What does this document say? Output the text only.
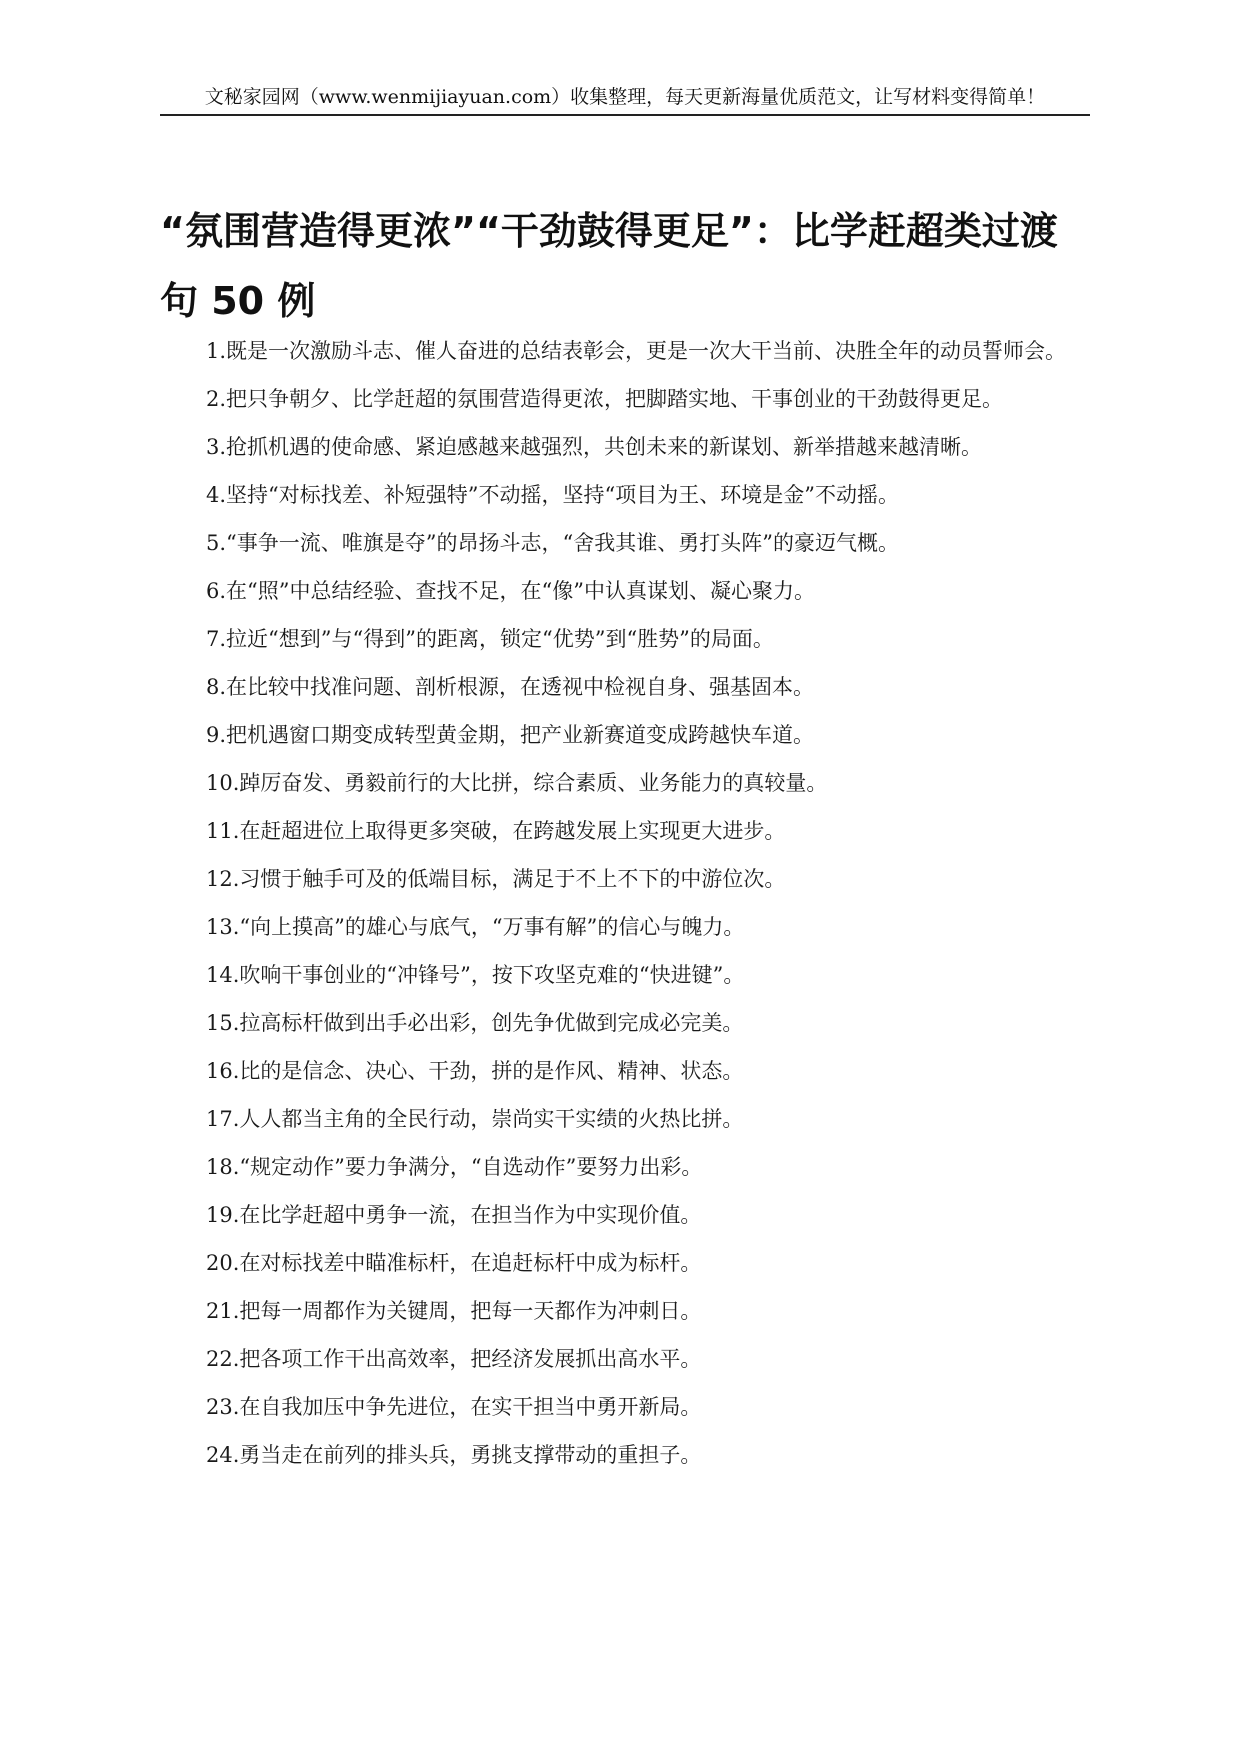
文秘家园网（www.wenmijiayuan.com）收集整理，每天更新海量优质范文，让写材料变得简单！
“氛围营造得更浓”“干劲鼓得更足”：比学赶超类过渡句 50 例
1.既是一次激励斗志、催人奋进的总结表彰会，更是一次大干当前、决胜全年的动员誓师会。
2.把只争朝夕、比学赶超的氛围营造得更浓，把脚踏实地、干事创业的干劲鼓得更足。
3.抢抓机遇的使命感、紧迫感越来越强烈，共创未来的新谋划、新举措越来越清晰。
4.坚持“对标找差、补短强特”不动摇，坚持“项目为王、环境是金”不动摇。
5.“事争一流、唯旗是夺”的昂扬斗志，“舍我其谁、勇打头阵”的豪迈气概。
6.在“照”中总结经验、查找不足，在“像”中认真谋划、凝心聚力。
7.拉近“想到”与“得到”的距离，锁定“优势”到“胜势”的局面。
8.在比较中找准问题、剖析根源，在透视中检视自身、强基固本。
9.把机遇窗口期变成转型黄金期，把产业新赛道变成跨越快车道。
10.踔厉奋发、勇毅前行的大比拼，综合素质、业务能力的真较量。
11.在赶超进位上取得更多突破，在跨越发展上实现更大进步。
12.习惯于触手可及的低端目标，满足于不上不下的中游位次。
13.“向上摸高”的雄心与底气，“万事有解”的信心与魄力。
14.吹响干事创业的“冲锋号”，按下攻坚克难的“快进键”。
15.拉高标杆做到出手必出彩，创先争优做到完成必完美。
16.比的是信念、决心、干劲，拼的是作风、精神、状态。
17.人人都当主角的全民行动，崇尚实干实绩的火热比拼。
18.“规定动作”要力争满分，“自选动作”要努力出彩。
19.在比学赶超中勇争一流，在担当作为中实现价值。
20.在对标找差中瞄准标杆，在追赶标杆中成为标杆。
21.把每一周都作为关键周，把每一天都作为冲刺日。
22.把各项工作干出高效率，把经济发展抓出高水平。
23.在自我加压中争先进位，在实干担当中勇开新局。
24.勇当走在前列的排头兵，勇挑支撑带动的重担子。
